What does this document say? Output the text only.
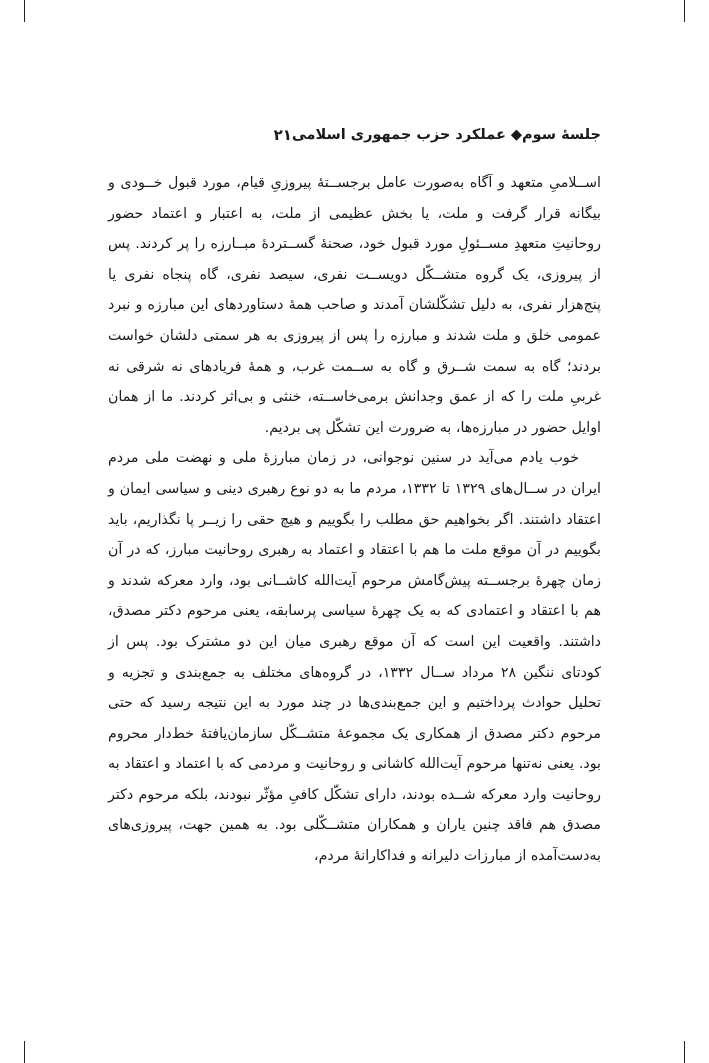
جلسهٔ سوم◆ عملکرد حزب جمهوری اسلامی
۲۱

اســلامیِ متعهد و آگاه به‌صورت عامل برجســتهٔ پیروزیِ قیام، مورد قبول خــودی و بیگانه قرار گرفت و ملت، یا بخش عظیمی از ملت، به اعتبار و اعتماد حضور روحانیتِ متعهدِ مســئولِ مورد قبول خود، صحنهٔ گســتردهٔ مبــارزه را پر کردند. پس از پیروزی، یک گروه متشــکّل دویســت نفری، سیصد نفری، گاه پنجاه نفری یا پنج‌هزار نفری، به دلیل تشکّلشان آمدند و صاحب همهٔ دستاوردهای این مبارزه و نبرد عمومی خلق و ملت شدند و مبارزه را پس از پیروزی به هر سمتی دلشان خواست بردند؛ گاه به سمت شــرق و گاه به ســمت غرب، و همهٔ فریادهای نه شرقی نه غربیِ ملت را که از عمق وجدانش برمی‌خاســته، خنثی و بی‌اثر کردند. ما از همان اوایل حضور در مبارزه‌ها، به ضرورت این تشکّل پی بردیم.

خوب یادم می‌آید در سنین نوجوانی، در زمان مبارزهٔ ملی و نهضت ملی مردم ایران در ســال‌های ۱۳۲۹ تا ۱۳۳۲، مردم ما به دو نوع رهبری دینی و سیاسی ایمان و اعتقاد داشتند. اگر بخواهیم حق مطلب را بگوییم و هیچ حقی را زیــر پا نگذاریم، باید بگوییم در آن موقع ملت ما هم با اعتقاد و اعتماد به رهبری روحانیت مبارز، که در آن زمان چهرهٔ برجســته پیش‌گامش مرحوم آیت‌الله کاشــانی بود، وارد معرکه شدند و هم با اعتقاد و اعتمادی که به یک چهرهٔ سیاسی پرسابقه، یعنی مرحوم دکتر مصدق، داشتند. واقعیت این است که آن موقع رهبری میان این دو مشترک بود. پس از کودتای ننگین ۲۸ مرداد ســال ۱۳۳۲، در گروه‌های مختلف به جمع‌بندی و تجزیه و تحلیل حوادث پرداختیم و این جمع‌بندی‌ها در چند مورد به این نتیجه رسید که حتی مرحوم دکتر مصدق از همکاری یک مجموعهٔ متشــکّل سازمان‌یافتهٔ خط‌دار محروم بود. یعنی نه‌تنها مرحوم آیت‌الله کاشانی و روحانیت و مردمی که با اعتماد و اعتقاد به روحانیت وارد معرکه شــده بودند، دارای تشکّل کافیِ مؤثّر نبودند، بلکه مرحوم دکتر مصدق هم فاقد چنین یاران و همکاران متشــکّلی بود. به همین جهت، پیروزی‌های به‌دست‌آمده از مبارزات دلیرانه و فداکارانهٔ مردم،
